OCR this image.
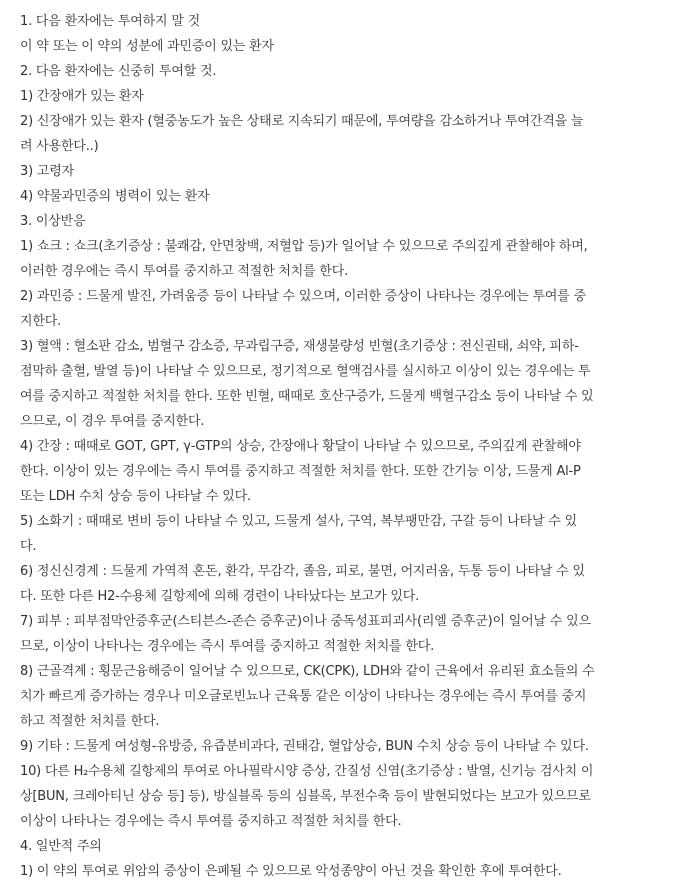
1. 다음 환자에는 투여하지 말 것

이 약 또는 이 약의 성분에 과민증이 있는 환자

2. 다음 환자에는 신중히 투여할 것.

1) 간장애가 있는 환자

2) 신장애가 있는 환자 (혈중농도가 높은 상태로 지속되기 때문에, 투여량을 감소하거나 투여간격을 늘

려 사용한다..)

3) 고령자

4) 약물과민증의 병력이 있는 환자

3. 이상반응

1) 쇼크 : 쇼크(초기증상 : 불쾌감, 안면창백, 저혈압 등)가 일어날 수 있으므로 주의깊게 관찰해야 하며,

이러한 경우에는 즉시 투여를 중지하고 적절한 처치를 한다.

2) 과민증 : 드물게 발진, 가려움증 등이 나타날 수 있으며, 이러한 증상이 나타나는 경우에는 투여를 중

지한다.

3) 혈액 : 혈소판 감소, 범혈구 감소증, 무과립구증, 재생불량성 빈혈(초기증상 : 전신권태, 쇠약, 피하-

점막하 출혈, 발열 등)이 나타날 수 있으므로, 정기적으로 혈액검사를 실시하고 이상이 있는 경우에는 투

여를 중지하고 적절한 처치를 한다. 또한 빈혈, 때때로 호산구증가, 드물게 백혈구감소 등이 나타날 수 있

으므로, 이 경우 투여를 중지한다.

4) 간장 : 때때로 GOT, GPT, γ-GTP의 상승, 간장애나 황달이 나타날 수 있으므로, 주의깊게 관찰해야

한다. 이상이 있는 경우에는 즉시 투여를 중지하고 적절한 처치를 한다. 또한 간기능 이상, 드물게 Al-P

또는 LDH 수치 상승 등이 나타날 수 있다.

5) 소화기 : 때때로 변비 등이 나타날 수 있고, 드물게 설사, 구역, 복부팽만감, 구갈 등이 나타날 수 있

다.

6) 정신신경계 : 드물게 가역적 혼돈, 환각, 무감각, 졸음, 피로, 불면, 어지러움, 두통 등이 나타날 수 있

다. 또한 다른 H2-수용체 길항제에 의해 경련이 나타났다는 보고가 있다.

7) 피부 : 피부점막안증후군(스티븐스-존슨 증후군)이나 중독성표피괴사(리엘 증후군)이 일어날 수 있으

므로, 이상이 나타나는 경우에는 즉시 투여를 중지하고 적절한 처치를 한다.

8) 근골격계 : 횡문근융해증이 일어날 수 있으므로, CK(CPK), LDH와 같이 근육에서 유리된 효소들의 수

치가 빠르게 증가하는 경우나 미오글로빈뇨나 근육통 같은 이상이 나타나는 경우에는 즉시 투여를 중지

하고 적절한 처치를 한다.

9) 기타 : 드물게 여성형-유방증, 유즙분비과다, 권태감, 혈압상승, BUN 수치 상승 등이 나타날 수 있다.

10) 다른 H₂수용체 길항제의 투여로 아나필락시양 증상, 간질성 신염(초기증상 : 발열, 신기능 검사치 이

상[BUN, 크레아티닌 상승 등] 등), 방실블록 등의 심블록, 부전수축 등이 발현되었다는 보고가 있으므로

이상이 나타나는 경우에는 즉시 투여를 중지하고 적절한 처치를 한다.

4. 일반적 주의

1) 이 약의 투여로 위암의 증상이 은폐될 수 있으므로 악성종양이 아닌 것을 확인한 후에 투여한다.
